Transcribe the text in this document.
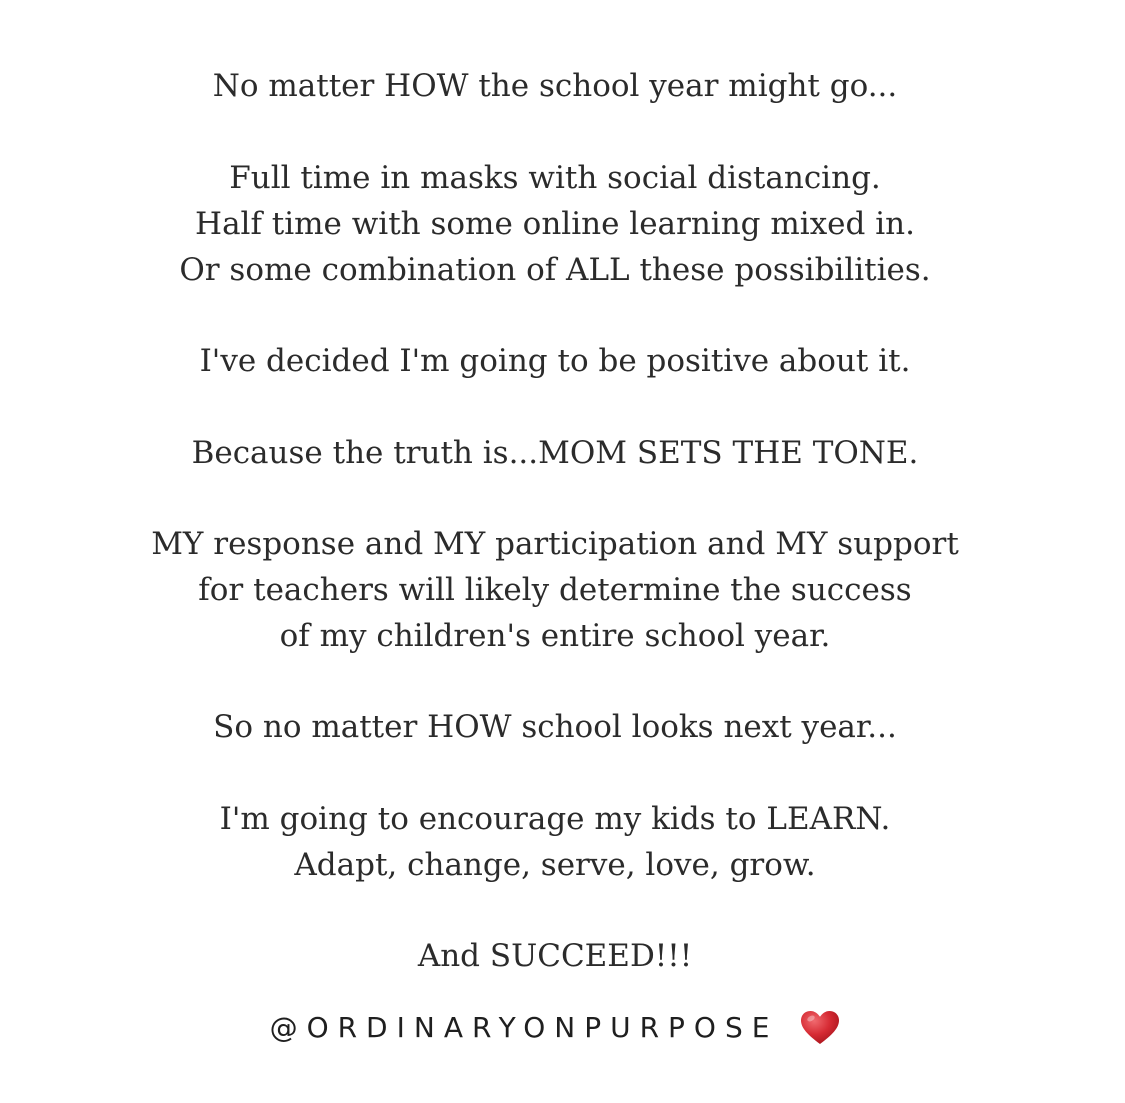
No matter HOW the school year might go...
Full time in masks with social distancing.
Half time with some online learning mixed in.
Or some combination of ALL these possibilities.
I've decided I'm going to be positive about it.
Because the truth is...MOM SETS THE TONE.
MY response and MY participation and MY support
for teachers will likely determine the success
of my children's entire school year.
So no matter HOW school looks next year...
I'm going to encourage my kids to LEARN.
Adapt, change, serve, love, grow.
And SUCCEED!!!
@ORDINARYONPURPOSE
